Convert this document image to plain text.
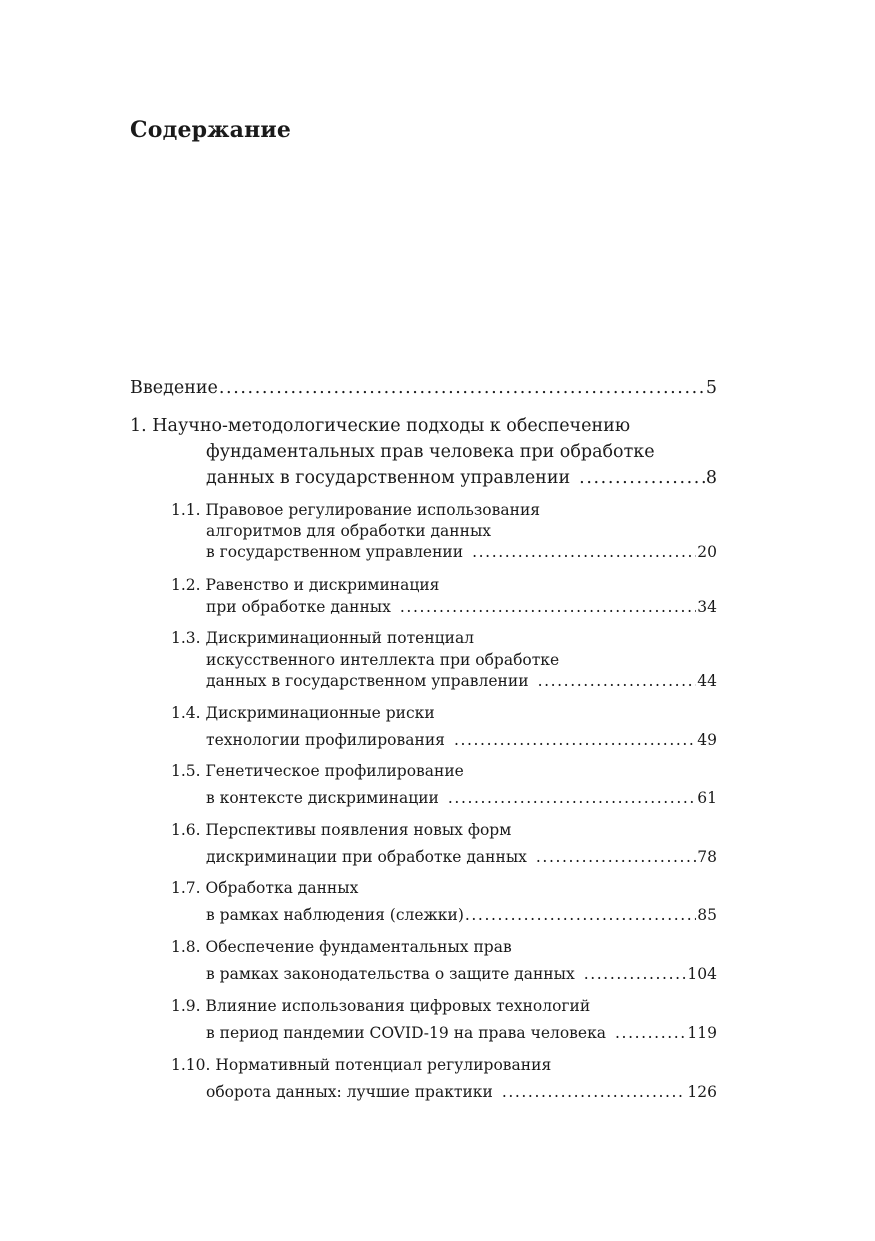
Содержание
Введение .....	5
1. Научно-методологические подходы к обеспечению
фундаментальных прав человека при обработке
данных в государственном управлении .....	8
1.1. Правовое регулирование использования
алгоритмов для обработки данных
в государственном управлении .....	20
1.2. Равенство и дискриминация
при обработке данных .....	34
1.3. Дискриминационный потенциал
искусственного интеллекта при обработке
данных в государственном управлении .....	44
1.4. Дискриминационные риски
технологии профилирования .....	49
1.5. Генетическое профилирование
в контексте дискриминации .....	61
1.6. Перспективы появления новых форм
дискриминации при обработке данных .....	78
1.7. Обработка данных
в рамках наблюдения (слежки) .....	85
1.8. Обеспечение фундаментальных прав
в рамках законодательства о защите данных .....	104
1.9. Влияние использования цифровых технологий
в период пандемии COVID-19 на права человека .....	119
1.10. Нормативный потенциал регулирования
оборота данных: лучшие практики .....	126
